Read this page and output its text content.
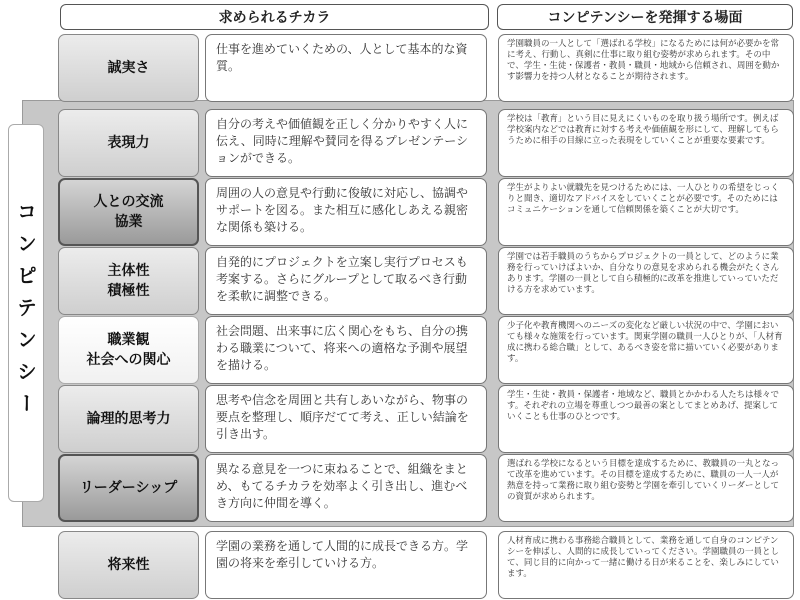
求められるチカラ	コンピテンシーを発揮する場面
コンピテンシー
誠実さ
仕事を進めていくための、人として基本的な資質。
学園職員の一人として「選ばれる学校」になるためには何が必要かを常に考え、行動し、真剣に仕事に取り組む姿勢が求められます。その中で、学生・生徒・保護者・教員・職員・地域から信頼され、周囲を動かす影響力を持つ人材となることが期待されます。
表現力
自分の考えや価値観を正しく分かりやすく人に伝え、同時に理解や賛同を得るプレゼンテーションができる。
学校は「教育」という目に見えにくいものを取り扱う場所です。例えば学校案内などでは教育に対する考えや価値観を形にして、理解してもらうために相手の目線に立った表現をしていくことが重要な要素です。
人との交流
協業
周囲の人の意見や行動に俊敏に対応し、協調やサポートを図る。また相互に感化しあえる親密な関係も築ける。
学生がよりよい就職先を見つけるためには、一人ひとりの希望をじっくりと聞き、適切なアドバイスをしていくことが必要です。そのためにはコミュニケーションを通して信頼関係を築くことが大切です。
主体性
積極性
自発的にプロジェクトを立案し実行プロセスも考案する。さらにグループとして取るべき行動を柔軟に調整できる。
学園では若手職員のうちからプロジェクトの一員として、どのように業務を行っていけばよいか、自分なりの意見を求められる機会がたくさんあります。学園の一員として自ら積極的に改革を推進していっていただける方を求めています。
職業観
社会への関心
社会問題、出来事に広く関心をもち、自分の携わる職業について、将来への適格な予測や展望を描ける。
少子化や教育機関へのニーズの変化など厳しい状況の中で、学園においても様々な施策を行っています。関東学園の職員一人ひとりが、「人材育成に携わる総合職」として、あるべき姿を常に描いていく必要があります。
論理的思考力
思考や信念を周囲と共有しあいながら、物事の要点を整理し、順序だてて考え、正しい結論を引き出す。
学生・生徒・教員・保護者・地域など、職員とかかわる人たちは様々です。それぞれの立場を尊重しつつ最善の案としてまとめあげ、提案していくことも仕事のひとつです。
リーダーシップ
異なる意見を一つに束ねることで、組織をまとめ、もてるチカラを効率よく引き出し、進むべき方向に仲間を導く。
選ばれる学校になるという目標を達成するために、教職員の一丸となって改革を進めています。その目標を達成するために、職員の一人一人が熱意を持って業務に取り組む姿勢と学園を牽引していくリーダーとしての資質が求められます。
将来性
学園の業務を通して人間的に成長できる方。学園の将来を牽引していける方。
人材育成に携わる事務総合職員として、業務を通して自身のコンピテンシーを伸ばし、人間的に成長していってください。学園職員の一員として、同じ目的に向かって一緒に働ける日が来ることを、楽しみにしています。
